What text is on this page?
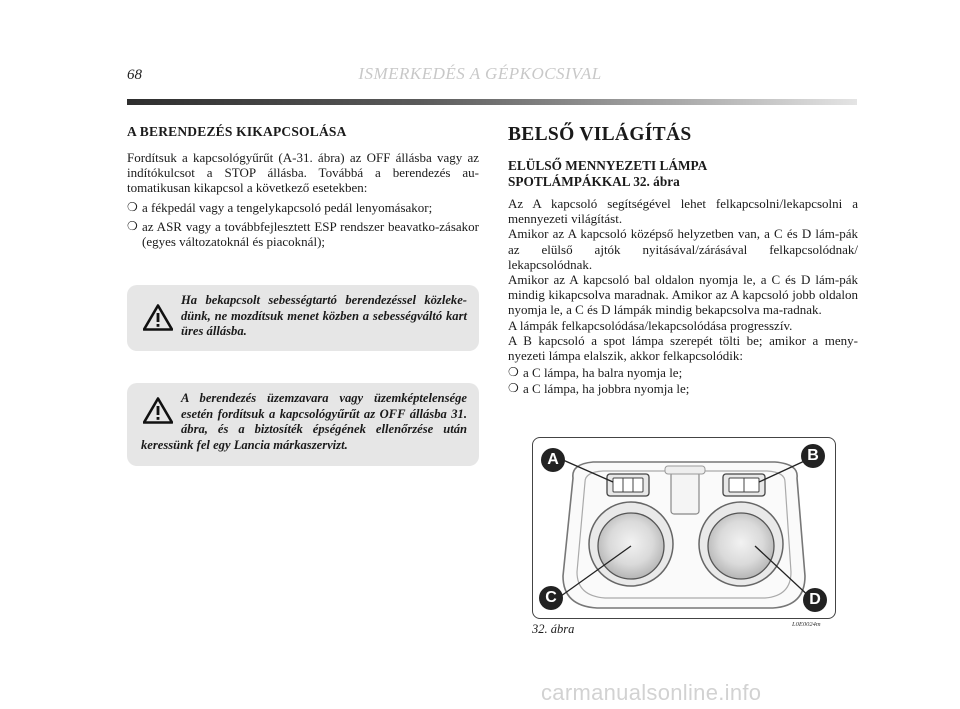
68	ISMERKEDÉS A GÉPKOCSIVAL
A BERENDEZÉS KIKAPCSOLÁSA

Fordítsuk a kapcsológyűrűt (A-31. ábra) az OFF állásba vagy az indítókulcsot a STOP állásba. Továbbá a berendezés au-tomatikusan kikapcsol a következő esetekben:

❍ a fékpedál vagy a tengelykapcsoló pedál lenyomásakor;
❍ az ASR vagy a továbbfejlesztett ESP rendszer beavatko-zásakor (egyes változatoknál és piacoknál);

Ha bekapcsolt sebességtartó berendezéssel közleke-dünk, ne mozdítsuk menet közben a sebességváltó kart üres állásba.

A berendezés üzemzavara vagy üzemképtelensége esetén fordítsuk a kapcsológyűrűt az OFF állásba 31. ábra, és a biztosíték épségének ellenőrzése után keressünk fel egy Lancia márkaszervizt.

BELSŐ VILÁGÍTÁS
ELÜLSŐ MENNYEZETI LÁMPA
SPOTLÁMPÁKKAL 32. ábra

Az A kapcsoló segítségével lehet felkapcsolni/lekapcsolni a mennyezeti világítást.

Amikor az A kapcsoló középső helyzetben van, a C és D lám-pák az elülső ajtók nyitásával/zárásával felkapcsolódnak/ lekapcsolódnak.

Amikor az A kapcsoló bal oldalon nyomja le, a C és D lám-pák mindig kikapcsolva maradnak. Amikor az A kapcsoló jobb oldalon nyomja le, a C és D lámpák mindig bekapcsolva ma-radnak.

A lámpák felkapcsolódása/lekapcsolódása progresszív.

A B kapcsoló a spot lámpa szerepét tölti be; amikor a meny-nyezeti lámpa elalszik, akkor felkapcsolódik:

❍ a C lámpa, ha balra nyomja le;
❍ a C lámpa, ha jobbra nyomja le;
A	B
C	D
32. ábra	L0E0024m
carmanualsonline.info
